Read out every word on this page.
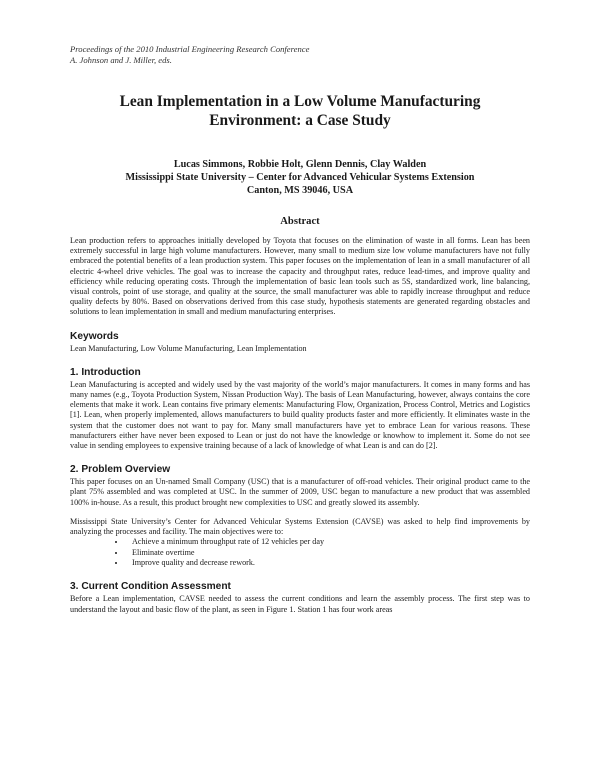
Proceedings of the 2010 Industrial Engineering Research Conference
A. Johnson and J. Miller, eds.
Lean Implementation in a Low Volume Manufacturing
Environment: a Case Study
Lucas Simmons, Robbie Holt, Glenn Dennis, Clay Walden
Mississippi State University – Center for Advanced Vehicular Systems Extension
Canton, MS 39046, USA
Abstract

Lean production refers to approaches initially developed by Toyota that focuses on the elimination of waste in all forms. Lean has been extremely successful in large high volume manufacturers. However, many small to medium size low volume manufacturers have not fully embraced the potential benefits of a lean production system. This paper focuses on the implementation of lean in a small manufacturer of all electric 4-wheel drive vehicles. The goal was to increase the capacity and throughput rates, reduce lead-times, and improve quality and efficiency while reducing operating costs. Through the implementation of basic lean tools such as 5S, standardized work, line balancing, visual controls, point of use storage, and quality at the source, the small manufacturer was able to rapidly increase throughput and reduce quality defects by 80%. Based on observations derived from this case study, hypothesis statements are generated regarding obstacles and solutions to lean implementation in small and medium manufacturing enterprises.

Keywords

Lean Manufacturing, Low Volume Manufacturing, Lean Implementation

1. Introduction

Lean Manufacturing is accepted and widely used by the vast majority of the world’s major manufacturers. It comes in many forms and has many names (e.g., Toyota Production System, Nissan Production Way). The basis of Lean Manufacturing, however, always contains the core elements that make it work. Lean contains five primary elements: Manufacturing Flow, Organization, Process Control, Metrics and Logistics [1]. Lean, when properly implemented, allows manufacturers to build quality products faster and more efficiently. It eliminates waste in the system that the customer does not want to pay for. Many small manufacturers have yet to embrace Lean for various reasons. These manufacturers either have never been exposed to Lean or just do not have the knowledge or knowhow to implement it. Some do not see value in sending employees to expensive training because of a lack of knowledge of what Lean is and can do [2].

2. Problem Overview

This paper focuses on an Un-named Small Company (USC) that is a manufacturer of off-road vehicles. Their original product came to the plant 75% assembled and was completed at USC. In the summer of 2009, USC began to manufacture a new product that was assembled 100% in-house. As a result, this product brought new complexities to USC and greatly slowed its assembly.

Mississippi State University’s Center for Advanced Vehicular Systems Extension (CAVSE) was asked to help find improvements by analyzing the processes and facility. The main objectives were to:

• Achieve a minimum throughput rate of 12 vehicles per day
• Eliminate overtime
• Improve quality and decrease rework.
3. Current Condition Assessment

Before a Lean implementation, CAVSE needed to assess the current conditions and learn the assembly process. The first step was to understand the layout and basic flow of the plant, as seen in Figure 1. Station 1 has four work areas
